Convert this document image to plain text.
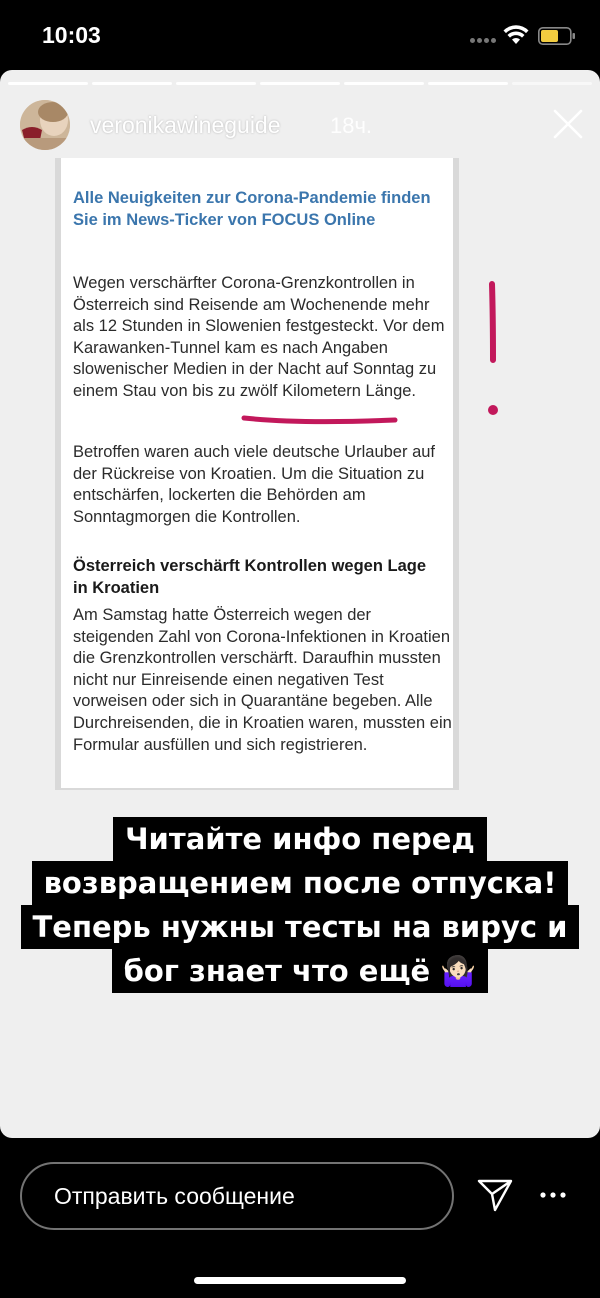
10:03
veronikawineguide 18ч.
Alle Neuigkeiten zur Corona-Pandemie finden Sie im News-Ticker von FOCUS Online
Wegen verschärfter Corona-Grenzkontrollen in Österreich sind Reisende am Wochenende mehr als 12 Stunden in Slowenien festgesteckt. Vor dem Karawanken-Tunnel kam es nach Angaben slowenischer Medien in der Nacht auf Sonntag zu einem Stau von bis zu zwölf Kilometern Länge.
Betroffen waren auch viele deutsche Urlauber auf der Rückreise von Kroatien. Um die Situation zu entschärfen, lockerten die Behörden am Sonntagmorgen die Kontrollen.
Österreich verschärft Kontrollen wegen Lage in Kroatien
Am Samstag hatte Österreich wegen der steigenden Zahl von Corona-Infektionen in Kroatien die Grenzkontrollen verschärft. Daraufhin mussten nicht nur Einreisende einen negativen Test vorweisen oder sich in Quarantäne begeben. Alle Durchreisenden, die in Kroatien waren, mussten ein Formular ausfüllen und sich registrieren.
Читайте инфо перед
возвращением после отпуска!
Теперь нужны тесты на вирус и
бог знает что ещё 🤷🏻‍♀️
Отправить сообщение
